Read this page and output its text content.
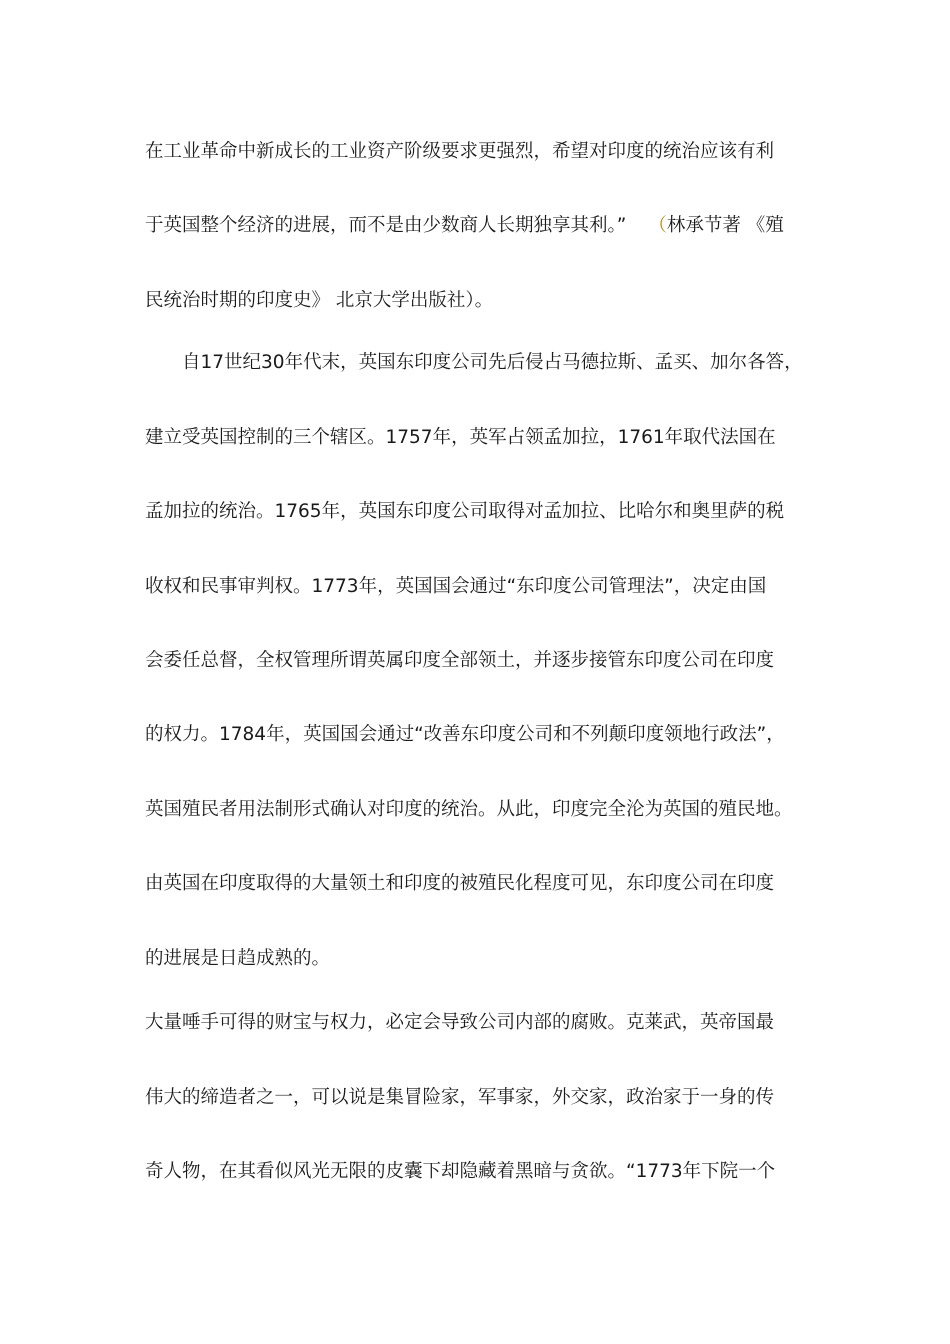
在工业革命中新成长的工业资产阶级要求更强烈，希望对印度的统治应该有利
于英国整个经济的进展，而不是由少数商人长期独享其利。” （林承节著 《殖
民统治时期的印度史》 北京大学出版社）。
自17世纪30年代末，英国东印度公司先后侵占马德拉斯、孟买、加尔各答，
建立受英国控制的三个辖区。1757年，英军占领孟加拉，1761年取代法国在
孟加拉的统治。1765年，英国东印度公司取得对孟加拉、比哈尔和奥里萨的税
收权和民事审判权。1773年，英国国会通过“东印度公司管理法”，决定由国
会委任总督，全权管理所谓英属印度全部领土，并逐步接管东印度公司在印度
的权力。1784年，英国国会通过“改善东印度公司和不列颠印度领地行政法”，
英国殖民者用法制形式确认对印度的统治。从此，印度完全沦为英国的殖民地。
由英国在印度取得的大量领土和印度的被殖民化程度可见，东印度公司在印度
的进展是日趋成熟的。
大量唾手可得的财宝与权力，必定会导致公司内部的腐败。克莱武，英帝国最
伟大的缔造者之一，可以说是集冒险家，军事家，外交家，政治家于一身的传
奇人物，在其看似风光无限的皮囊下却隐藏着黑暗与贪欲。“1773年下院一个
